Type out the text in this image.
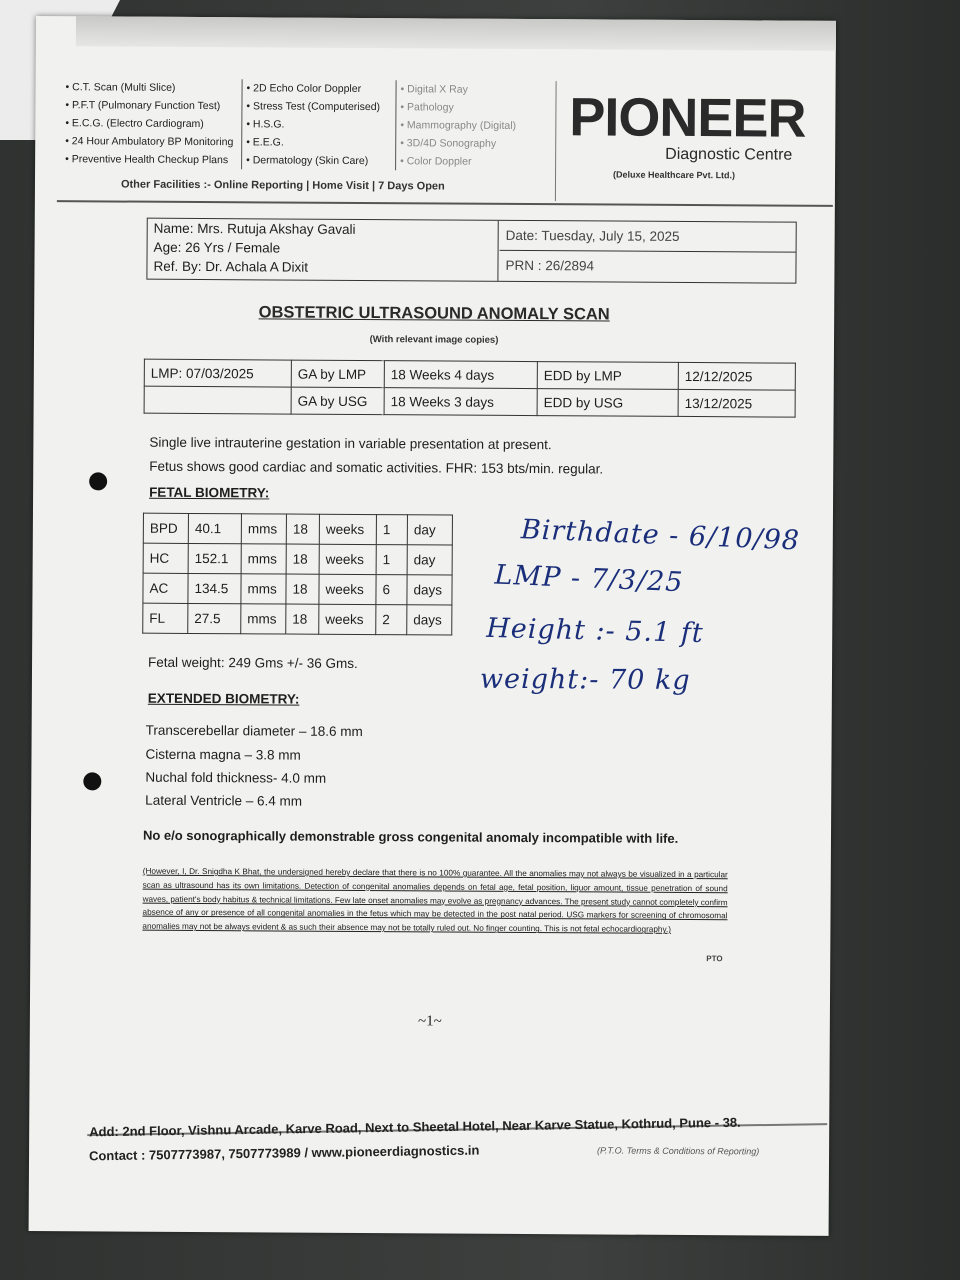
• C.T. Scan (Multi Slice)
• P.F.T (Pulmonary Function Test)
• E.C.G. (Electro Cardiogram)
• 24 Hour Ambulatory BP Monitoring
• Preventive Health Checkup Plans
• 2D Echo Color Doppler
• Stress Test (Computerised)
• H.S.G.
• E.E.G.
• Dermatology (Skin Care)
• Digital X Ray
• Pathology
• Mammography (Digital)
• 3D/4D Sonography
• Color Doppler
Other Facilities :- Online Reporting | Home Visit | 7 Days Open
PIONEER
Diagnostic Centre
(Deluxe Healthcare Pvt. Ltd.)
Name: Mrs. Rutuja Akshay Gavali
Age: 26 Yrs / Female
Ref. By: Dr. Achala A Dixit
Date: Tuesday, July 15, 2025
PRN : 26/2894
OBSTETRIC ULTRASOUND ANOMALY SCAN
(With relevant image copies)
LMP: 07/03/2025	GA by LMP	18 Weeks 4 days	EDD by LMP	12/12/2025
	GA by USG	18 Weeks 3 days	EDD by USG	13/12/2025
Single live intrauterine gestation in variable presentation at present.
Fetus shows good cardiac and somatic activities. FHR: 153 bts/min. regular.
FETAL BIOMETRY:
BPD	40.1	mms	18	weeks	1	day
HC	152.1	mms	18	weeks	1	day
AC	134.5	mms	18	weeks	6	days
FL	27.5	mms	18	weeks	2	days
Fetal weight: 249 Gms +/- 36 Gms.
EXTENDED BIOMETRY:
Transcerebellar diameter – 18.6 mm
Cisterna magna – 3.8 mm
Nuchal fold thickness- 4.0 mm
Lateral Ventricle – 6.4 mm
No e/o sonographically demonstrable gross congenital anomaly incompatible with life.
(However, I, Dr. Snigdha K Bhat, the undersigned hereby declare that there is no 100% guarantee. All the anomalies may not always be visualized in a particular scan as ultrasound has its own limitations. Detection of congenital anomalies depends on fetal age, fetal position, liquor amount, tissue penetration of sound waves, patient's body habitus & technical limitations. Few late onset anomalies may evolve as pregnancy advances. The present study cannot completely confirm absence of any or presence of all congenital anomalies in the fetus which may be detected in the post natal period. USG markers for screening of chromosomal anomalies may not be always evident & as such their absence may not be totally ruled out. No finger counting. This is not fetal echocardiography.)
PTO
~1~
Add: 2nd Floor, Vishnu Arcade, Karve Road, Next to Sheetal Hotel, Near Karve Statue, Kothrud, Pune - 38.
Contact : 7507773987, 7507773989 / www.pioneerdiagnostics.in	(P.T.O. Terms & Conditions of Reporting)
Birthdate - 6/10/98
LMP - 7/3/25
Height :- 5.1 ft
weight:- 70 kg
